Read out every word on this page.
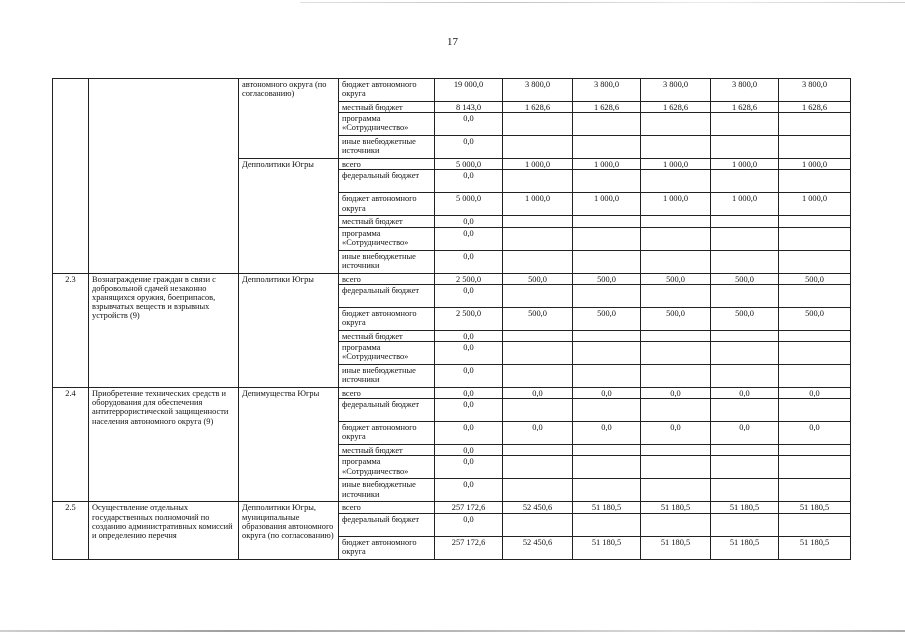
17
		автономного округа (по согласованию)	бюджет автономного округа	19 000,0	3 800,0	3 800,0	3 800,0	3 800,0	3 800,0
			местный бюджет	8 143,0	1 628,6	1 628,6	1 628,6	1 628,6	1 628,6
			программа «Сотрудничество»	0,0					
			иные внебюджетные источники	0,0					
		Депполитики Югры	всего	5 000,0	1 000,0	1 000,0	1 000,0	1 000,0	1 000,0
			федеральный бюджет	0,0					
			бюджет автономного округа	5 000,0	1 000,0	1 000,0	1 000,0	1 000,0	1 000,0
			местный бюджет	0,0					
			программа «Сотрудничество»	0,0					
			иные внебюджетные источники	0,0					
2.3	Вознаграждение граждан в связи с добровольной сдачей незаконно хранящихся оружия, боеприпасов, взрывчатых веществ и взрывных устройств (9)	Депполитики Югры	всего	2 500,0	500,0	500,0	500,0	500,0	500,0
			федеральный бюджет	0,0					
			бюджет автономного округа	2 500,0	500,0	500,0	500,0	500,0	500,0
			местный бюджет	0,0					
			программа «Сотрудничество»	0,0					
			иные внебюджетные источники	0,0					
2.4	Приобретение технических средств и оборудования для обеспечения антитеррористической защищенности населения автономного округа (9)	Депимущества Югры	всего	0,0	0,0	0,0	0,0	0,0	0,0
			федеральный бюджет	0,0					
			бюджет автономного округа	0,0	0,0	0,0	0,0	0,0	0,0
			местный бюджет	0,0					
			программа «Сотрудничество»	0,0					
			иные внебюджетные источники	0,0					
2.5	Осуществление отдельных государственных полномочий по созданию административных комиссий и определению перечня	Депполитики Югры, муниципальные образования автономного округа (по согласованию)	всего	257 172,6	52 450,6	51 180,5	51 180,5	51 180,5	51 180,5
			федеральный бюджет	0,0					
			бюджет автономного округа	257 172,6	52 450,6	51 180,5	51 180,5	51 180,5	51 180,5
